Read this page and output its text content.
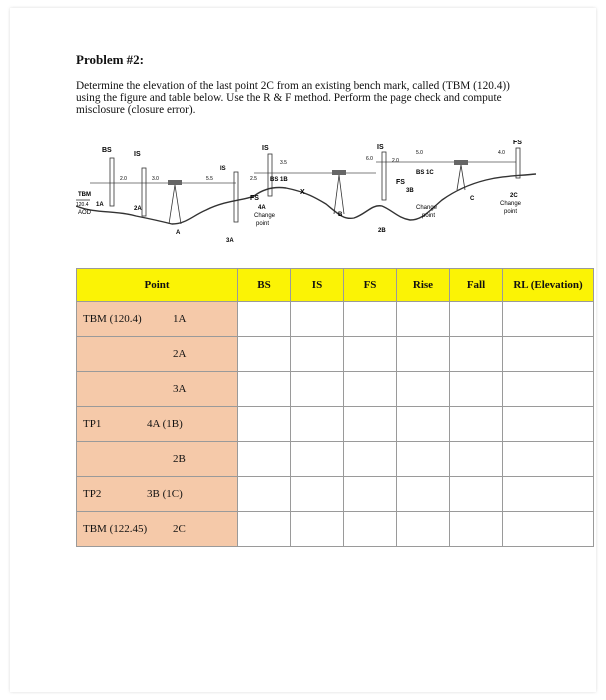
Problem #2:
Determine the elevation of the last point 2C from an existing bench mark, called (TBM (120.4)) using the figure and table below. Use the R & F method. Perform the page check and compute misclosure (closure error).
BS
IS
IS
IS	IS
FS
FS
FS
TBM
120.4
AOD
1A
2A
A
3A
4A
Change
point
BS 1B
X
B
2B
3B
BS 1C
Change
point
C	2C
Change
point
2.0	3.0	5.5	2.5
3.5
6.0	2.0
5.0	4.0
Point	BS	IS	FS	Rise	Fall	RL (Elevation)

TBM (120.4) 1A						

2A						

3A						

TP1 4A (1B)						

2B						

TP2 3B (1C)						

TBM (122.45) 2C						
